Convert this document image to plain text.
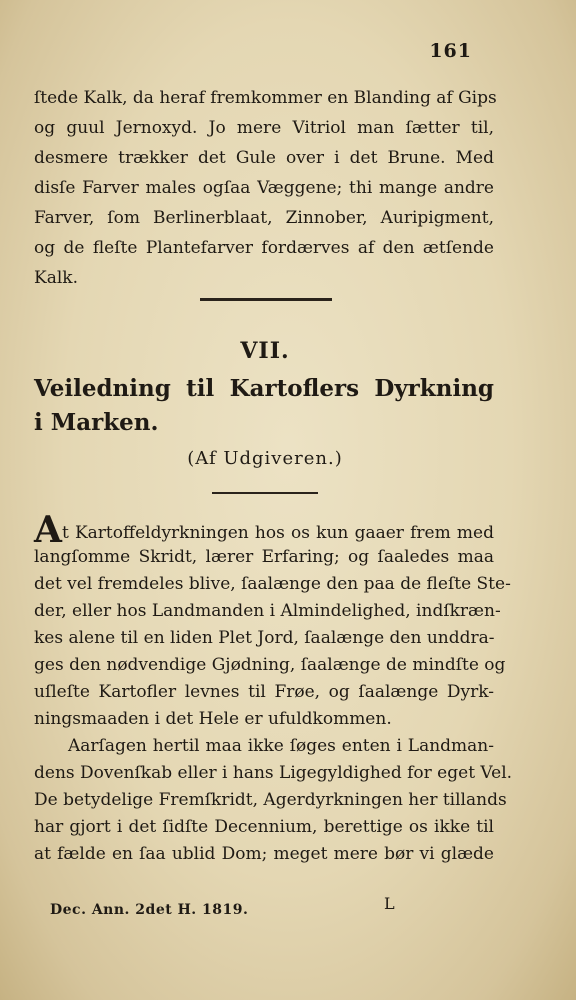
161
ſtede Kalk, da heraf fremkommer en Blanding af Gips
og guul Jernoxyd. Jo mere Vitriol man ſætter til,
desmere trækker det Gule over i det Brune. Med
disſe Farver males ogſaa Væggene; thi mange andre
Farver, ſom Berlinerblaat, Zinnober, Auripigment,
og de fleſte Plantefarver fordærves af den ætſende
Kalk.
VII.
Veiledning til Kartoflers Dyrkning
i Marken.
(Af Udgiveren.)
At Kartoffeldyrkningen hos os kun gaaer frem med
langſomme Skridt, lærer Erfaring; og ſaaledes maa
det vel fremdeles blive, ſaalænge den paa de fleſte Ste-
der, eller hos Landmanden i Almindelighed, indſkræn-
kes alene til en liden Plet Jord, ſaalænge den unddra-
ges den nødvendige Gjødning, ſaalænge de mindſte og
uſleſte Kartofler levnes til Frøe, og ſaalænge Dyrk-
ningsmaaden i det Hele er ufuldkommen.
Aarſagen hertil maa ikke ſøges enten i Landman-
dens Dovenſkab eller i hans Ligegyldighed for eget Vel.
De betydelige Fremſkridt, Agerdyrkningen her tillands
har gjort i det ſidſte Decennium, berettige os ikke til
at fælde en ſaa ublid Dom; meget mere bør vi glæde
Dec. Ann. 2det H. 1819.	L
